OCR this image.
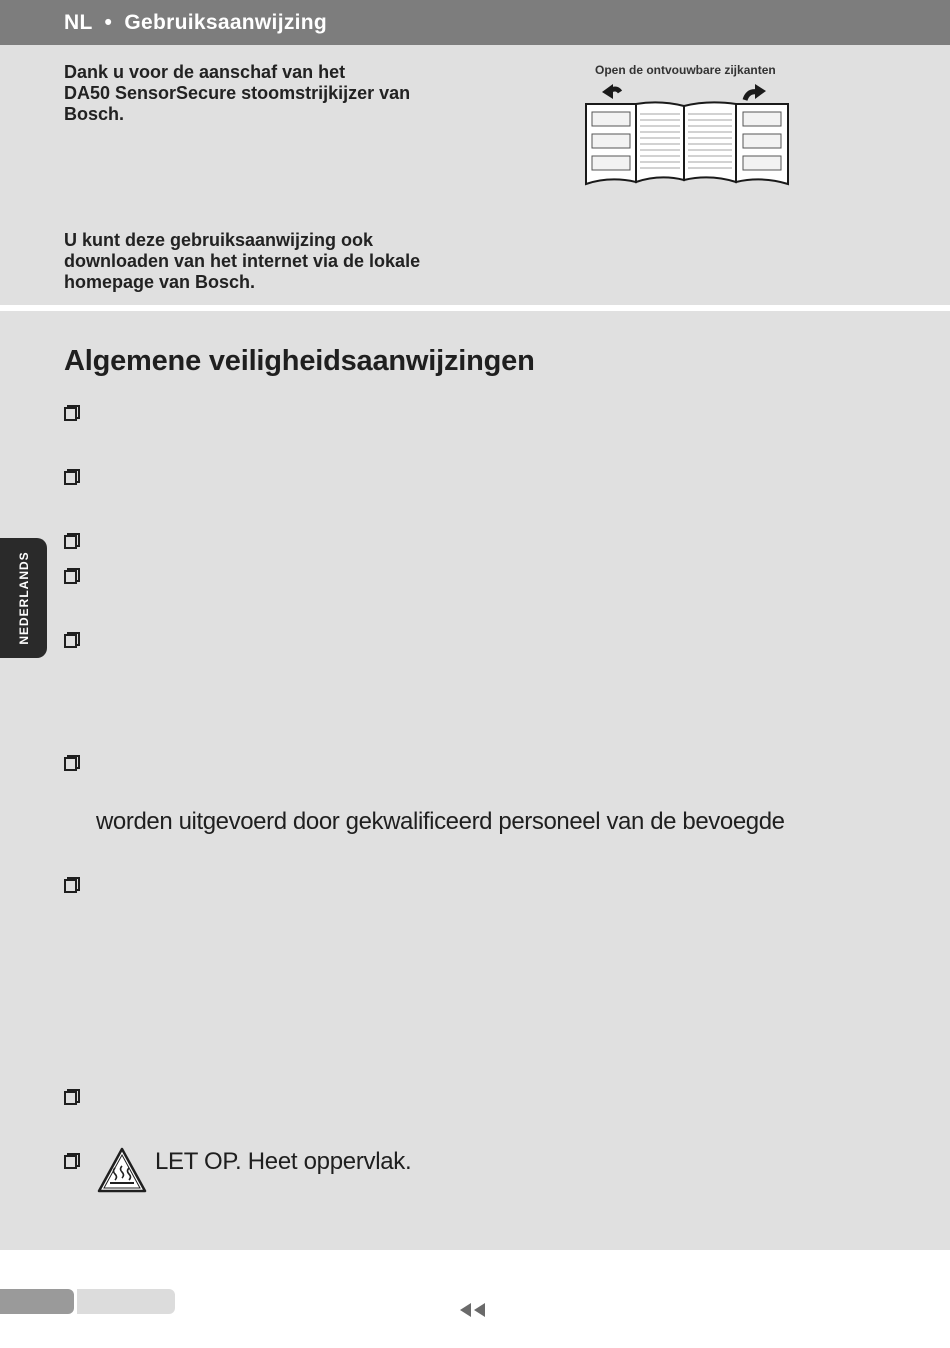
NL  •  Gebruiksaanwijzing
Dank u voor de aanschaf van het
DA50 SensorSecure stoomstrijkijzer van
Bosch.
U kunt deze gebruiksaanwijzing ook
downloaden van het internet via de lokale
homepage van Bosch.
Open de ontvouwbare zijkanten
NEDERLANDS
Algemene veiligheidsaanwijzingen
worden uitgevoerd door gekwalificeerd personeel van de bevoegde
LET OP. Heet oppervlak.
